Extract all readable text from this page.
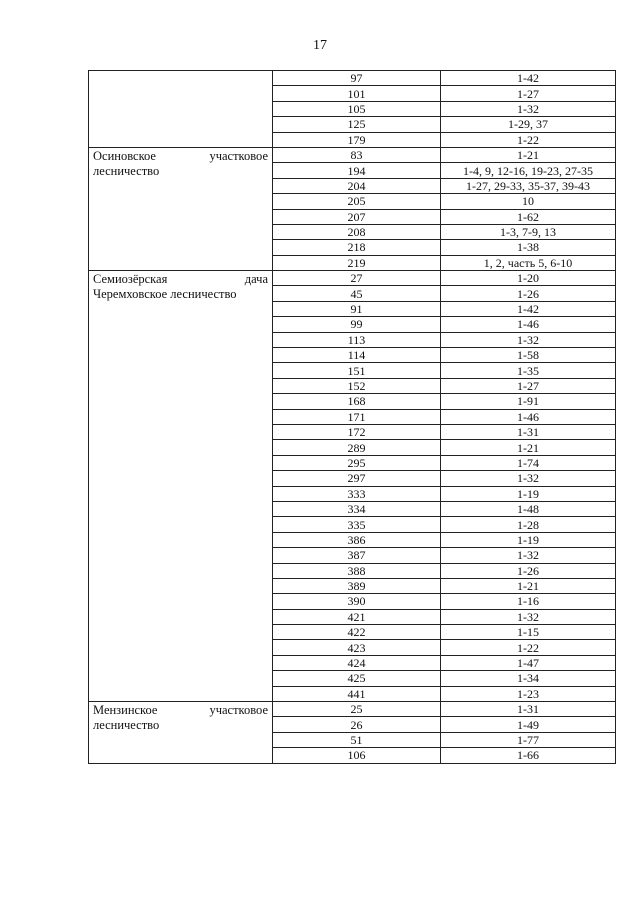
17
	97	1-42
	101	1-27
	105	1-32
	125	1-29, 37
	179	1-22

Осиновское участковое
лесничество	83	1-21
	194	1-4, 9, 12-16, 19-23, 27-35
	204	1-27, 29-33, 35-37, 39-43
	205	10
	207	1-62
	208	1-3, 7-9, 13
	218	1-38
	219	1, 2, часть 5, 6-10

Семиозёрская дача
Черемховское лесничество	27	1-20
	45	1-26
	91	1-42
	99	1-46
	113	1-32
	114	1-58
	151	1-35
	152	1-27
	168	1-91
	171	1-46
	172	1-31
	289	1-21
	295	1-74
	297	1-32
	333	1-19
	334	1-48
	335	1-28
	386	1-19
	387	1-32
	388	1-26
	389	1-21
	390	1-16
	421	1-32
	422	1-15
	423	1-22
	424	1-47
	425	1-34
	441	1-23

Мензинское участковое
лесничество	25	1-31
	26	1-49
	51	1-77
	106	1-66
